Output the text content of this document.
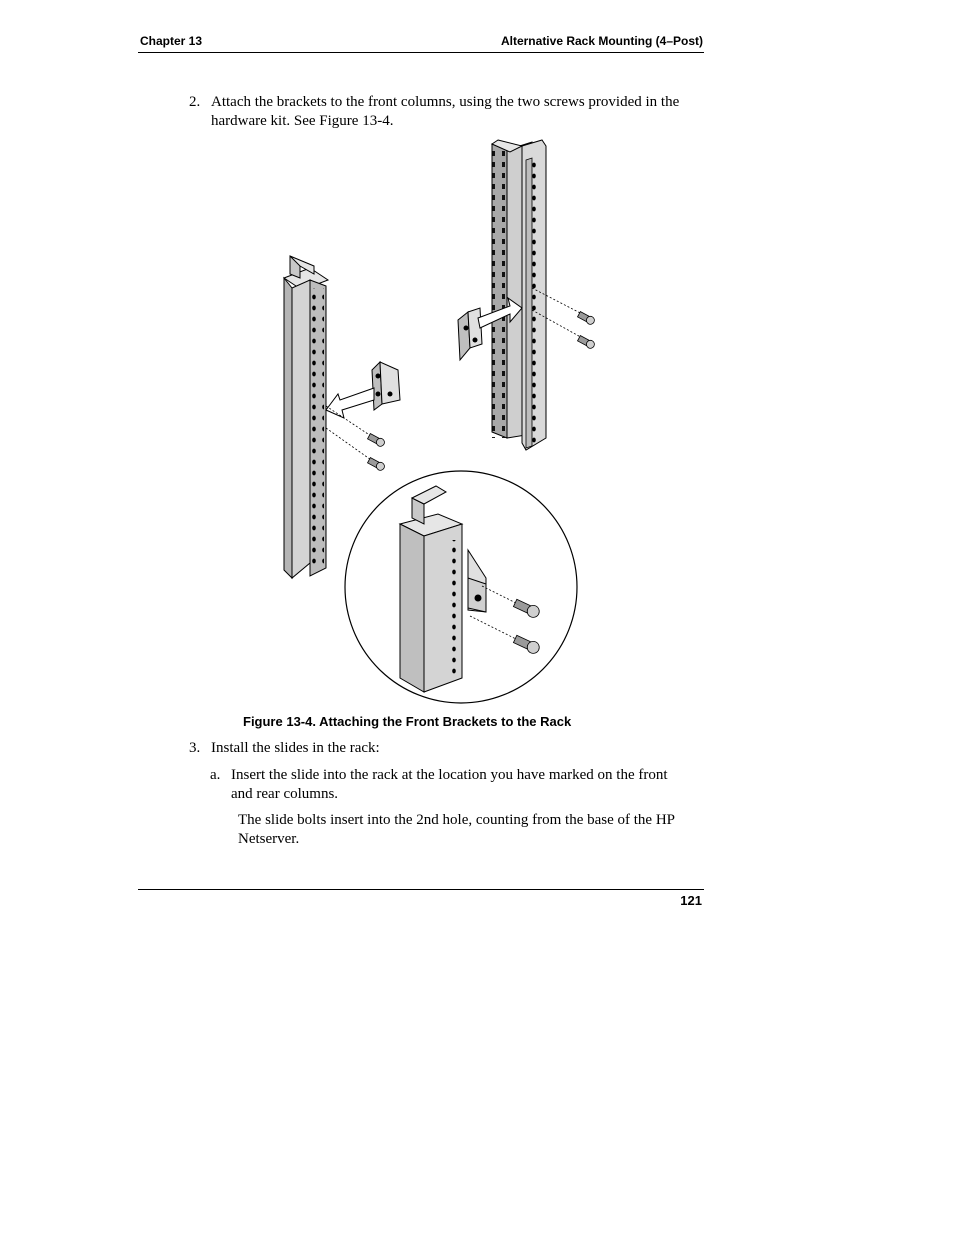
Chapter 13	Alternative Rack Mounting (4–Post)
2. Attach the brackets to the front columns, using the two screws provided in the
hardware kit. See Figure 13-4.
Figure 13-4. Attaching the Front Brackets to the Rack
3. Install the slides in the rack:
a. Insert the slide into the rack at the location you have marked on the front
and rear columns.
The slide bolts insert into the 2nd hole, counting from the base of the HP
Netserver.
121
